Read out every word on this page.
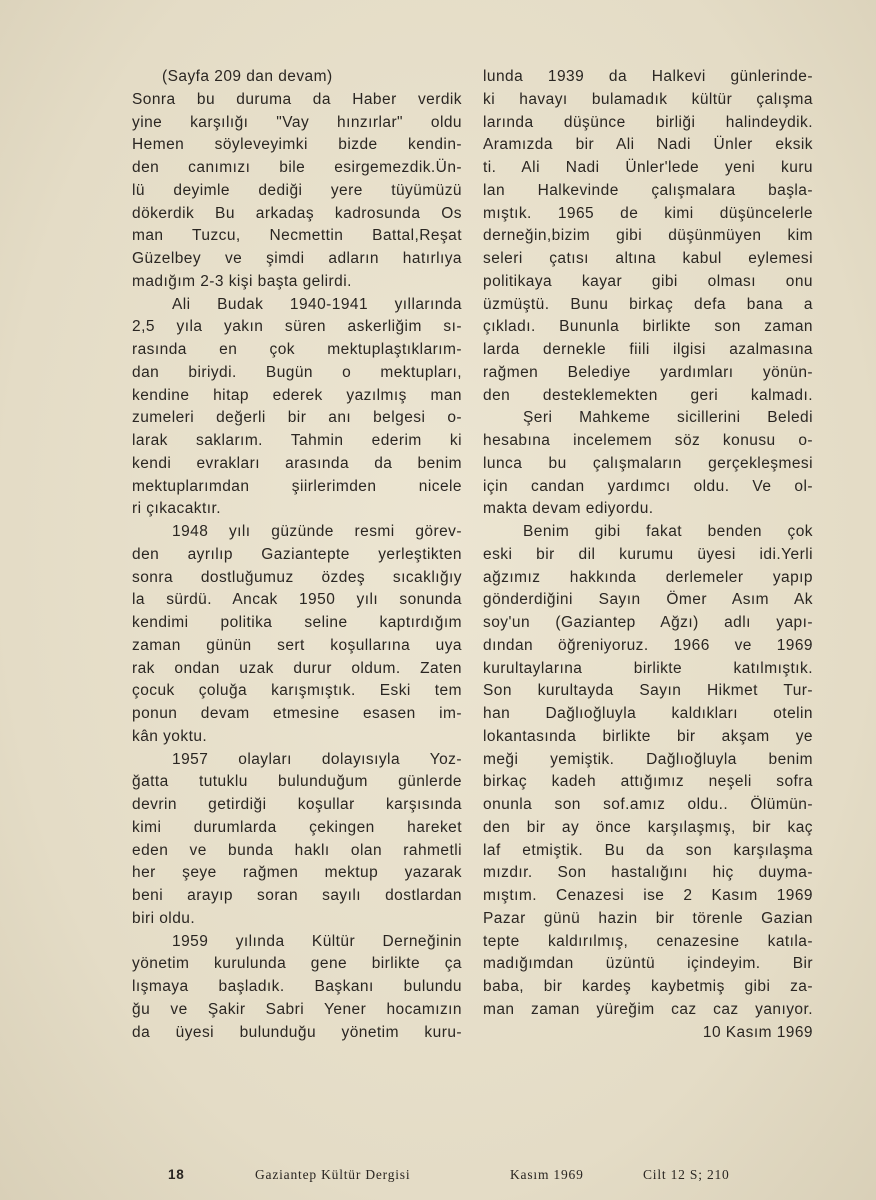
(Sayfa 209 dan devam)
Sonra bu duruma da Haber verdik
yine karşılığı "Vay hınzırlar" oldu
Hemen söyleveyimki bizde kendin-
den canımızı bile esirgemezdik.Ün-
lü deyimle dediği yere tüyümüzü
dökerdik Bu arkadaş kadrosunda Os
man Tuzcu, Necmettin Battal,Reşat
Güzelbey ve şimdi adların hatırlıya
madığım 2-3 kişi başta gelirdi.
Ali Budak 1940-1941 yıllarında
2,5 yıla yakın süren askerliğim sı-
rasında en çok mektuplaştıklarım-
dan biriydi. Bugün o mektupları,
kendine hitap ederek yazılmış man
zumeleri değerli bir anı belgesi o-
larak saklarım. Tahmin ederim ki
kendi evrakları arasında da benim
mektuplarımdan şiirlerimden nicele
ri çıkacaktır.
1948 yılı güzünde resmi görev-
den ayrılıp Gaziantepte yerleştikten
sonra dostluğumuz özdeş sıcaklığıy
la sürdü. Ancak 1950 yılı sonunda
kendimi politika seline kaptırdığım
zaman günün sert koşullarına uya
rak ondan uzak durur oldum. Zaten
çocuk çoluğa karışmıştık. Eski tem
ponun devam etmesine esasen im-
kân yoktu.
1957 olayları dolayısıyla Yoz-
ğatta tutuklu bulunduğum günlerde
devrin getirdiği koşullar karşısında
kimi durumlarda çekingen hareket
eden ve bunda haklı olan rahmetli
her şeye rağmen mektup yazarak
beni arayıp soran sayılı dostlardan
biri oldu.
1959 yılında Kültür Derneğinin
yönetim kurulunda gene birlikte ça
lışmaya başladık. Başkanı bulundu
ğu ve Şakir Sabri Yener hocamızın
da üyesi bulunduğu yönetim kuru-
lunda 1939 da Halkevi günlerinde-
ki havayı bulamadık kültür çalışma
larında düşünce birliği halindeydik.
Aramızda bir Ali Nadi Ünler eksik
ti. Ali Nadi Ünler'lede yeni kuru
lan Halkevinde çalışmalara başla-
mıştık. 1965 de kimi düşüncelerle
derneğin,bizim gibi düşünmüyen kim
seleri çatısı altına kabul eylemesi
politikaya kayar gibi olması onu
üzmüştü. Bunu birkaç defa bana a
çıkladı. Bununla birlikte son zaman
larda dernekle fiili ilgisi azalmasına
rağmen Belediye yardımları yönün-
den desteklemekten geri kalmadı.
Şeri Mahkeme sicillerini Beledi
hesabına incelemem söz konusu o-
lunca bu çalışmaların gerçekleşmesi
için candan yardımcı oldu. Ve ol-
makta devam ediyordu.
Benim gibi fakat benden çok
eski bir dil kurumu üyesi idi.Yerli
ağzımız hakkında derlemeler yapıp
gönderdiğini Sayın Ömer Asım Ak
soy'un (Gaziantep Ağzı) adlı yapı-
dından öğreniyoruz. 1966 ve 1969
kurultaylarına birlikte katılmıştık.
Son kurultayda Sayın Hikmet Tur-
han Dağlıoğluyla kaldıkları otelin
lokantasında birlikte bir akşam ye
meği yemiştik. Dağlıoğluyla benim
birkaç kadeh attığımız neşeli sofra
onunla son sof.amız oldu.. Ölümün-
den bir ay önce karşılaşmış, bir kaç
laf etmiştik. Bu da son karşılaşma
mızdır. Son hastalığını hiç duyma-
mıştım. Cenazesi ise 2 Kasım 1969
Pazar günü hazin bir törenle Gazian
tepte kaldırılmış, cenazesine katıla-
madığımdan üzüntü içindeyim. Bir
baba, bir kardeş kaybetmiş gibi za-
man zaman yüreğim caz caz yanıyor.
10 Kasım 1969
18	Gaziantep Kültür Dergisi	Kasım 1969	Cilt 12 S; 210
